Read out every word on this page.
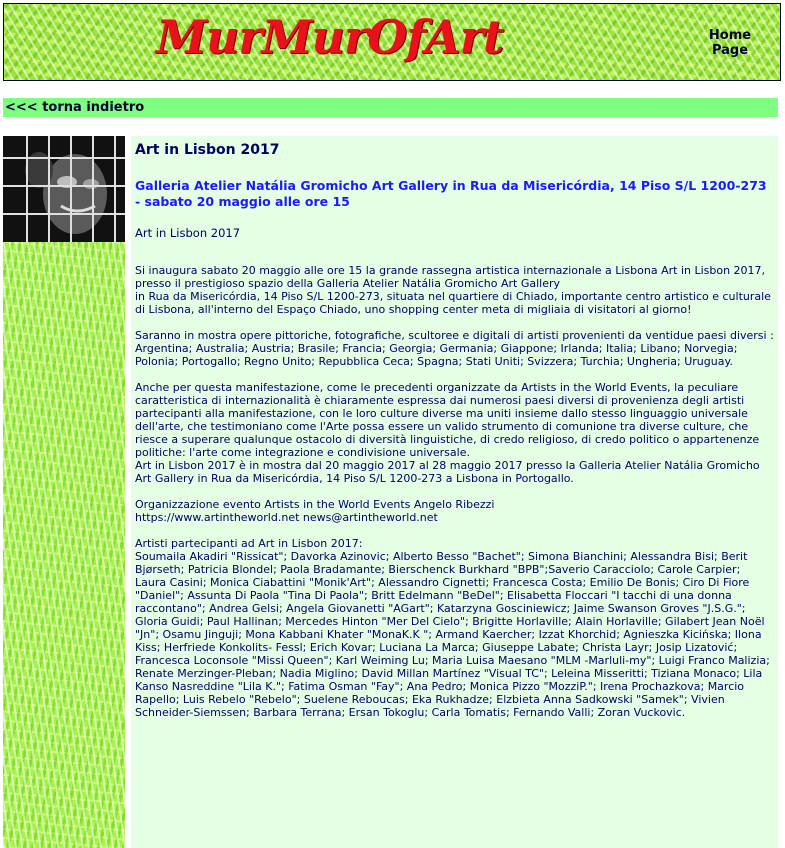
MurMurOfArt	Home Page
<<< torna indietro
Art in Lisbon 2017

Galleria Atelier Natália Gromicho Art Gallery in Rua da Misericórdia, 14 Piso S/L 1200-273 - sabato 20 maggio alle ore 15

Art in Lisbon 2017

Si inaugura sabato 20 maggio alle ore 15 la grande rassegna artistica internazionale a Lisbona Art in Lisbon 2017, presso il prestigioso spazio della Galleria Atelier Natália Gromicho Art Gallery
in Rua da Misericórdia, 14 Piso S/L 1200-273, situata nel quartiere di Chiado, importante centro artistico e culturale di Lisbona, all'interno del Espaço Chiado, uno shopping center meta di migliaia di visitatori al giorno!

Saranno in mostra opere pittoriche, fotografiche, scultoree e digitali di artisti provenienti da ventidue paesi diversi :
Argentina; Australia; Austria; Brasile; Francia; Georgia; Germania; Giappone; Irlanda; Italia; Libano; Norvegia; Polonia; Portogallo; Regno Unito; Repubblica Ceca; Spagna; Stati Uniti; Svizzera; Turchia; Ungheria; Uruguay.

Anche per questa manifestazione, come le precedenti organizzate da Artists in the World Events, la peculiare caratteristica di internazionalità è chiaramente espressa dai numerosi paesi diversi di provenienza degli artisti partecipanti alla manifestazione, con le loro culture diverse ma uniti insieme dallo stesso linguaggio universale dell'arte, che testimoniano come l'Arte possa essere un valido strumento di comunione tra diverse culture, che riesce a superare qualunque ostacolo di diversità linguistiche, di credo religioso, di credo politico o appartenenze politiche: l'arte come integrazione e condivisione universale.
Art in Lisbon 2017 è in mostra dal 20 maggio 2017 al 28 maggio 2017 presso la Galleria Atelier Natália Gromicho Art Gallery in Rua da Misericórdia, 14 Piso S/L 1200-273 a Lisbona in Portogallo.

Organizzazione evento Artists in the World Events Angelo Ribezzi
https://www.artintheworld.net news@artintheworld.net

Artisti partecipanti ad Art in Lisbon 2017:
Soumaila Akadiri "Rissicat"; Davorka Azinovic; Alberto Besso "Bachet"; Simona Bianchini; Alessandra Bisi; Berit Bjørseth; Patricia Blondel; Paola Bradamante; Bierschenck Burkhard "BPB";Saverio Caracciolo; Carole Carpier; Laura Casini; Monica Ciabattini "Monik'Art"; Alessandro Cignetti; Francesca Costa; Emilio De Bonis; Ciro Di Fiore "Daniel"; Assunta Di Paola "Tina Di Paola"; Britt Edelmann "BeDel"; Elisabetta Floccari "I tacchi di una donna raccontano"; Andrea Gelsi; Angela Giovanetti "AGart"; Katarzyna Gosciniewicz; Jaime Swanson Groves "J.S.G."; Gloria Guidi; Paul Hallinan; Mercedes Hinton "Mer Del Cielo"; Brigitte Horlaville; Alain Horlaville; Gilabert Jean Noël "Jn"; Osamu Jinguji; Mona Kabbani Khater "MonaK.K "; Armand Kaercher; Izzat Khorchid; Agnieszka Kicińska; Ilona Kiss; Herfriede Konkolits- Fessl; Erich Kovar; Luciana La Marca; Giuseppe Labate; Christa Layr; Josip Lizatović; Francesca Loconsole "Missi Queen"; Karl Weiming Lu; Maria Luisa Maesano "MLM -Marluli-my"; Luigi Franco Malizia; Renate Merzinger-Pleban; Nadia Miglino; David Millan Martínez "Visual TC"; Leleina Misseritti; Tiziana Monaco; Lila Kanso Nasreddine "Lila K."; Fatima Osman "Fay"; Ana Pedro; Monica Pizzo "MozziP."; Irena Prochazkova; Marcio Rapello; Luis Rebelo "Rebelo"; Suelene Reboucas; Eka Rukhadze; Elzbieta Anna Sadkowski "Samek"; Vivien Schneider-Siemssen; Barbara Terrana; Ersan Tokoglu; Carla Tomatis; Fernando Valli; Zoran Vuckovic.
